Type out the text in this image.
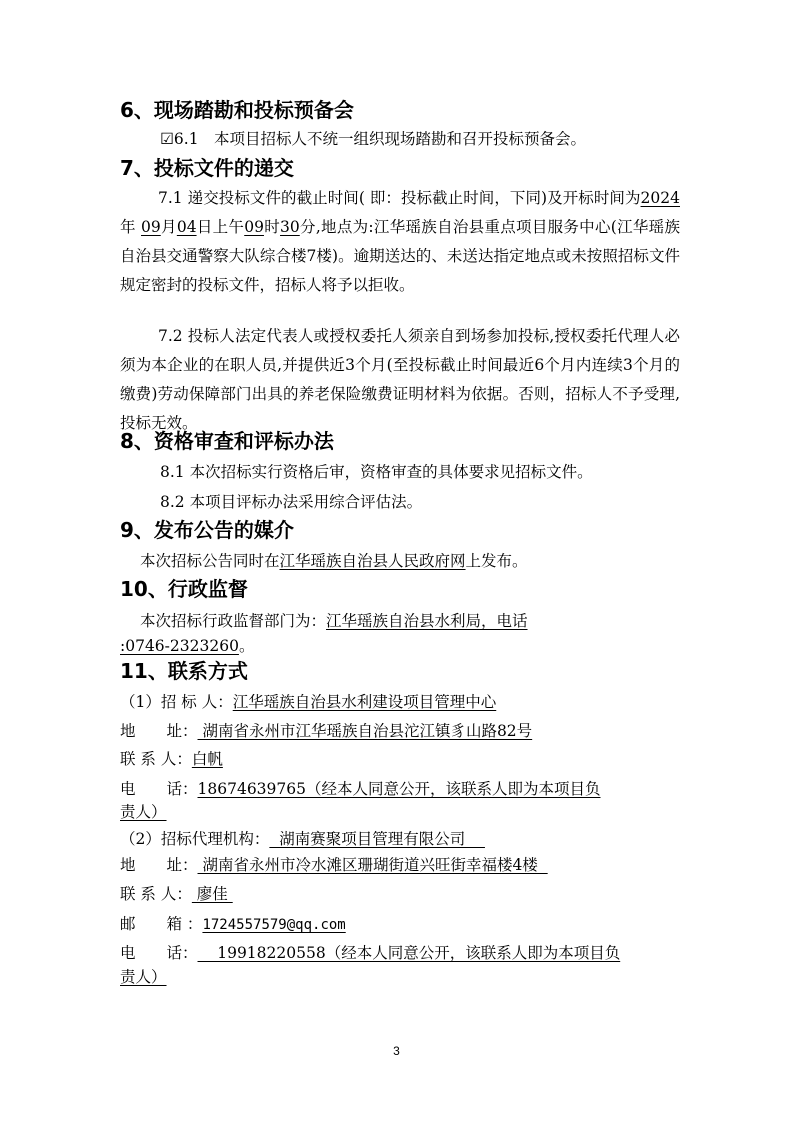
6、现场踏勘和投标预备会
☑6.1　本项目招标人不统一组织现场踏勘和召开投标预备会。
7、投标文件的递交
7.1 递交投标文件的截止时间( 即：投标截止时间，下同)及开标时间为2024年 09月04日上午09时30分,地点为:江华瑶族自治县重点项目服务中心(江华瑶族自治县交通警察大队综合楼7楼)。逾期送达的、未送达指定地点或未按照招标文件规定密封的投标文件，招标人将予以拒收。
7.2 投标人法定代表人或授权委托人须亲自到场参加投标,授权委托代理人必须为本企业的在职人员,并提供近3个月(至投标截止时间最近6个月内连续3个月的缴费)劳动保障部门出具的养老保险缴费证明材料为依据。否则，招标人不予受理,投标无效。
8、资格审查和评标办法
8.1 本次招标实行资格后审，资格审查的具体要求见招标文件。
8.2 本项目评标办法采用综合评估法。
9、发布公告的媒介
本次招标公告同时在江华瑶族自治县人民政府网上发布。
10、行政监督
本次招标行政监督部门为：江华瑶族自治县水利局，电话
:0746-2323260。
11、联系方式
（1）招 标 人：江华瑶族自治县水利建设项目管理中心
地　　址： 湖南省永州市江华瑶族自治县沱江镇豸山路82号
联 系 人：白帆
电　　话：18674639765（经本人同意公开，该联系人即为本项目负
责人）
（2）招标代理机构：  湖南赛聚项目管理有限公司
地　　址： 湖南省永州市冷水滩区珊瑚街道兴旺街幸福楼4楼
联 系 人： 廖佳
邮　　箱 ：1724557579@qq.com
电　　话：    19918220558（经本人同意公开，该联系人即为本项目负
责人）
3
